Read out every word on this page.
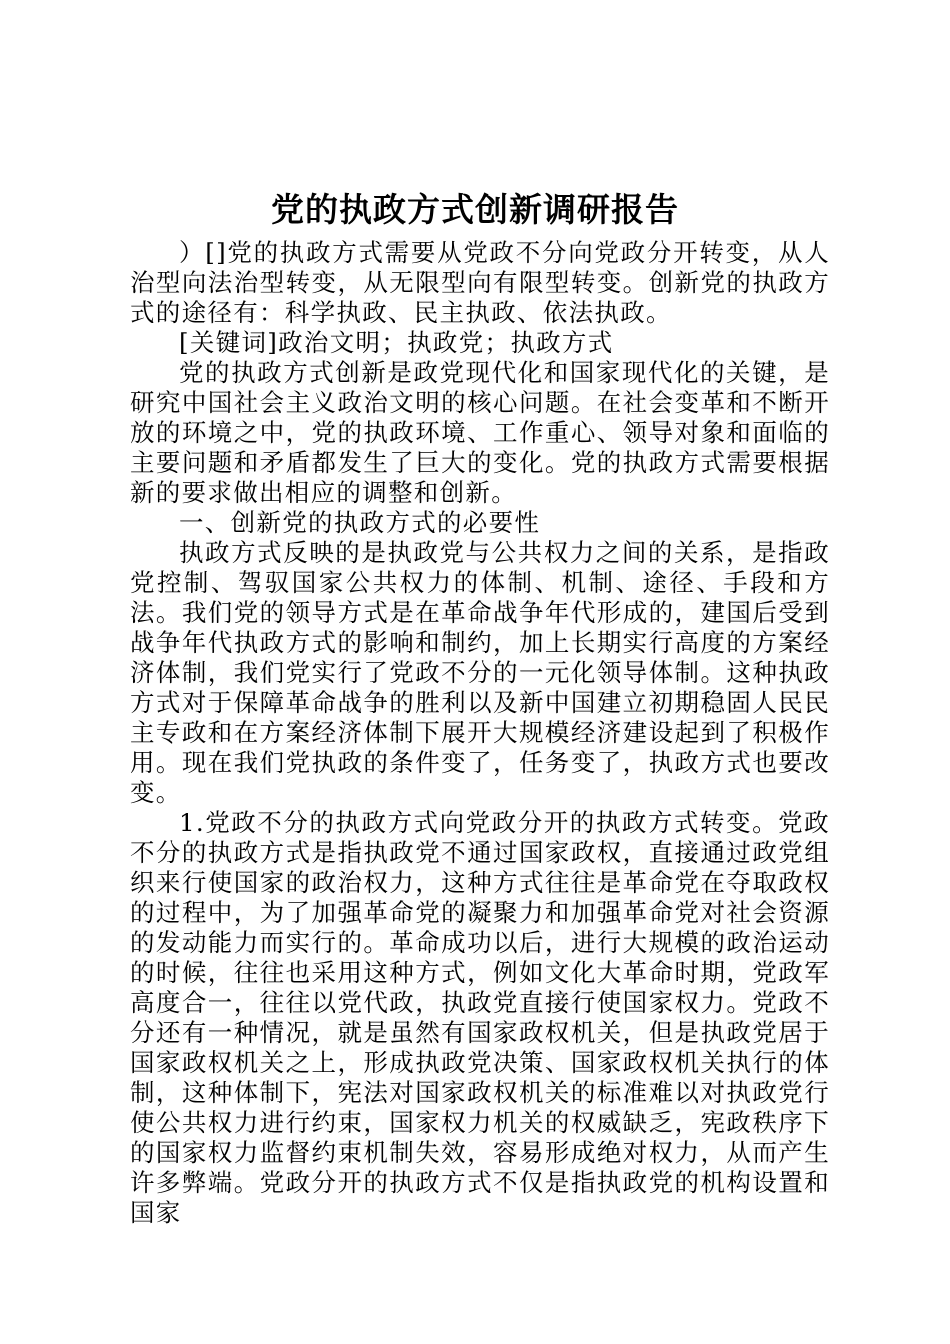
党的执政方式创新调研报告

）[]党的执政方式需要从党政不分向党政分开转变，从人治型向法治型转变，从无限型向有限型转变。创新党的执政方式的途径有：科学执政、民主执政、依法执政。

[关键词]政治文明；执政党；执政方式

党的执政方式创新是政党现代化和国家现代化的关键，是研究中国社会主义政治文明的核心问题。在社会变革和不断开放的环境之中，党的执政环境、工作重心、领导对象和面临的主要问题和矛盾都发生了巨大的变化。党的执政方式需要根据新的要求做出相应的调整和创新。

一、创新党的执政方式的必要性

执政方式反映的是执政党与公共权力之间的关系，是指政党控制、驾驭国家公共权力的体制、机制、途径、手段和方法。我们党的领导方式是在革命战争年代形成的，建国后受到战争年代执政方式的影响和制约，加上长期实行高度的方案经济体制，我们党实行了党政不分的一元化领导体制。这种执政方式对于保障革命战争的胜利以及新中国建立初期稳固人民民主专政和在方案经济体制下展开大规模经济建设起到了积极作用。现在我们党执政的条件变了，任务变了，执政方式也要改变。

1.党政不分的执政方式向党政分开的执政方式转变。党政不分的执政方式是指执政党不通过国家政权，直接通过政党组织来行使国家的政治权力，这种方式往往是革命党在夺取政权的过程中，为了加强革命党的凝聚力和加强革命党对社会资源的发动能力而实行的。革命成功以后，进行大规模的政治运动的时候，往往也采用这种方式，例如文化大革命时期，党政军高度合一，往往以党代政，执政党直接行使国家权力。党政不分还有一种情况，就是虽然有国家政权机关，但是执政党居于国家政权机关之上，形成执政党决策、国家政权机关执行的体制，这种体制下，宪法对国家政权机关的标准难以对执政党行使公共权力进行约束，国家权力机关的权威缺乏，宪政秩序下的国家权力监督约束机制失效，容易形成绝对权力，从而产生许多弊端。党政分开的执政方式不仅是指执政党的机构设置和国家
